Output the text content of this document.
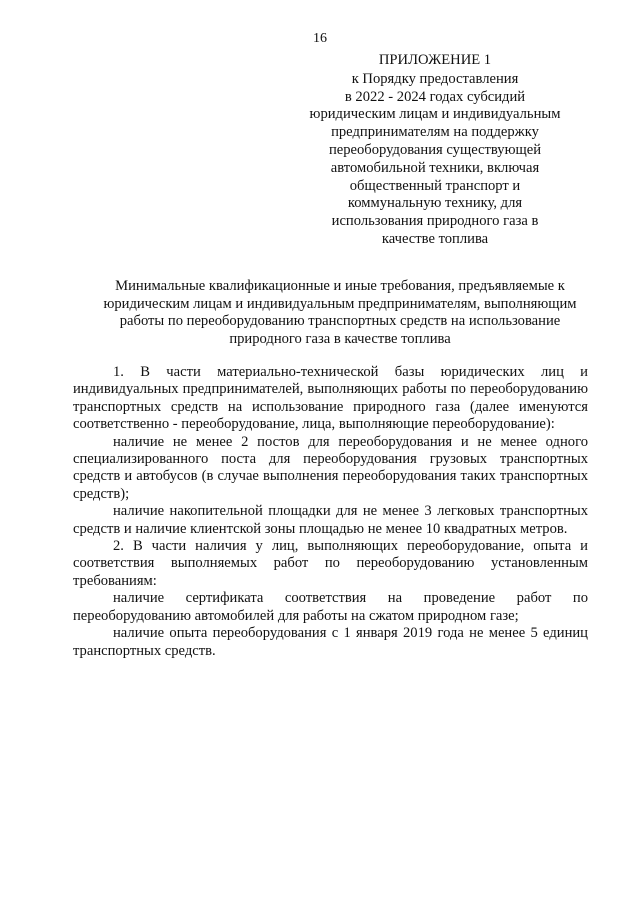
16
ПРИЛОЖЕНИЕ 1
к Порядку предоставления
в 2022 - 2024 годах субсидий
юридическим лицам и индивидуальным
предпринимателям на поддержку
переоборудования существующей
автомобильной техники, включая
общественный транспорт и
коммунальную технику, для
использования природного газа в
качестве топлива
Минимальные квалификационные и иные требования, предъявляемые к
юридическим лицам и индивидуальным предпринимателям, выполняющим
работы по переоборудованию транспортных средств на использование
природного газа в качестве топлива

1. В части материально-технической базы юридических лиц и индивидуальных предпринимателей, выполняющих работы по переоборудованию транспортных средств на использование природного газа (далее именуются соответственно - переоборудование, лица, выполняющие переоборудование):

наличие не менее 2 постов для переоборудования и не менее одного специализированного поста для переоборудования грузовых транспортных средств и автобусов (в случае выполнения переоборудования таких транспортных средств);

наличие накопительной площадки для не менее 3 легковых транспортных средств и наличие клиентской зоны площадью не менее 10 квадратных метров.

2. В части наличия у лиц, выполняющих переоборудование, опыта и соответствия выполняемых работ по переоборудованию установленным требованиям:

наличие сертификата соответствия на проведение работ по переоборудованию автомобилей для работы на сжатом природном газе;

наличие опыта переоборудования с 1 января 2019 года не менее 5 единиц транспортных средств.
